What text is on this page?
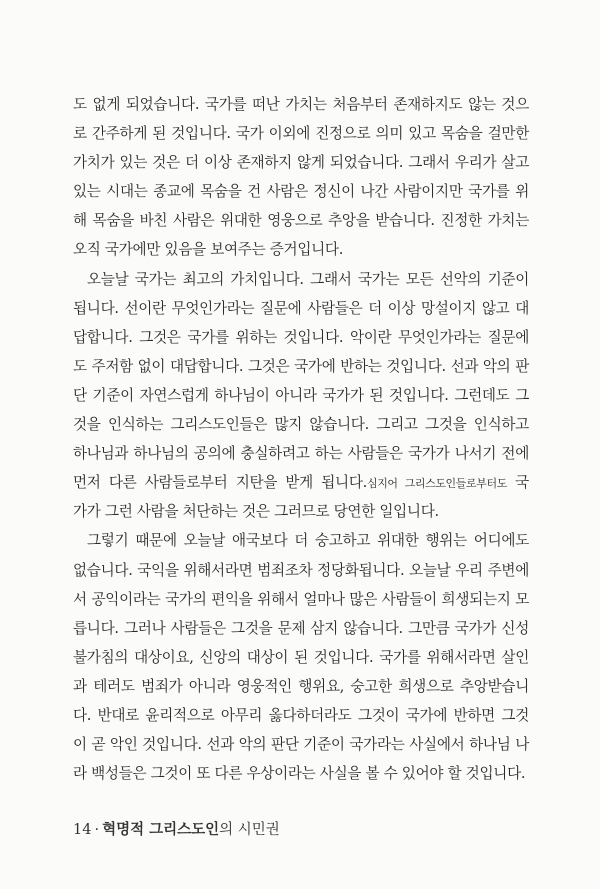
도 없게 되었습니다. 국가를 떠난 가치는 처음부터 존재하지도 않는 것으
로 간주하게 된 것입니다. 국가 이외에 진정으로 의미 있고 목숨을 걸만한
가치가 있는 것은 더 이상 존재하지 않게 되었습니다. 그래서 우리가 살고
있는 시대는 종교에 목숨을 건 사람은 정신이 나간 사람이지만 국가를 위
해 목숨을 바친 사람은 위대한 영웅으로 추앙을 받습니다. 진정한 가치는
오직 국가에만 있음을 보여주는 증거입니다.

오늘날 국가는 최고의 가치입니다. 그래서 국가는 모든 선악의 기준이
됩니다. 선이란 무엇인가라는 질문에 사람들은 더 이상 망설이지 않고 대
답합니다. 그것은 국가를 위하는 것입니다. 악이란 무엇인가라는 질문에
도 주저함 없이 대답합니다. 그것은 국가에 반하는 것입니다. 선과 악의 판
단 기준이 자연스럽게 하나님이 아니라 국가가 된 것입니다. 그런데도 그
것을 인식하는 그리스도인들은 많지 않습니다. 그리고 그것을 인식하고
하나님과 하나님의 공의에 충실하려고 하는 사람들은 국가가 나서기 전에
먼저 다른 사람들로부터 지탄을 받게 됩니다.심지어 그리스도인들로부터도 국
가가 그런 사람을 처단하는 것은 그러므로 당연한 일입니다.

그렇기 때문에 오늘날 애국보다 더 숭고하고 위대한 행위는 어디에도
없습니다. 국익을 위해서라면 범죄조차 정당화됩니다. 오늘날 우리 주변에
서 공익이라는 국가의 편익을 위해서 얼마나 많은 사람들이 희생되는지 모
릅니다. 그러나 사람들은 그것을 문제 삼지 않습니다. 그만큼 국가가 신성
불가침의 대상이요, 신앙의 대상이 된 것입니다. 국가를 위해서라면 살인
과 테러도 범죄가 아니라 영웅적인 행위요, 숭고한 희생으로 추앙받습니
다. 반대로 윤리적으로 아무리 옳다하더라도 그것이 국가에 반하면 그것
이 곧 악인 것입니다. 선과 악의 판단 기준이 국가라는 사실에서 하나님 나
라 백성들은 그것이 또 다른 우상이라는 사실을 볼 수 있어야 할 것입니다.

14 · 혁명적 그리스도인의 시민권
